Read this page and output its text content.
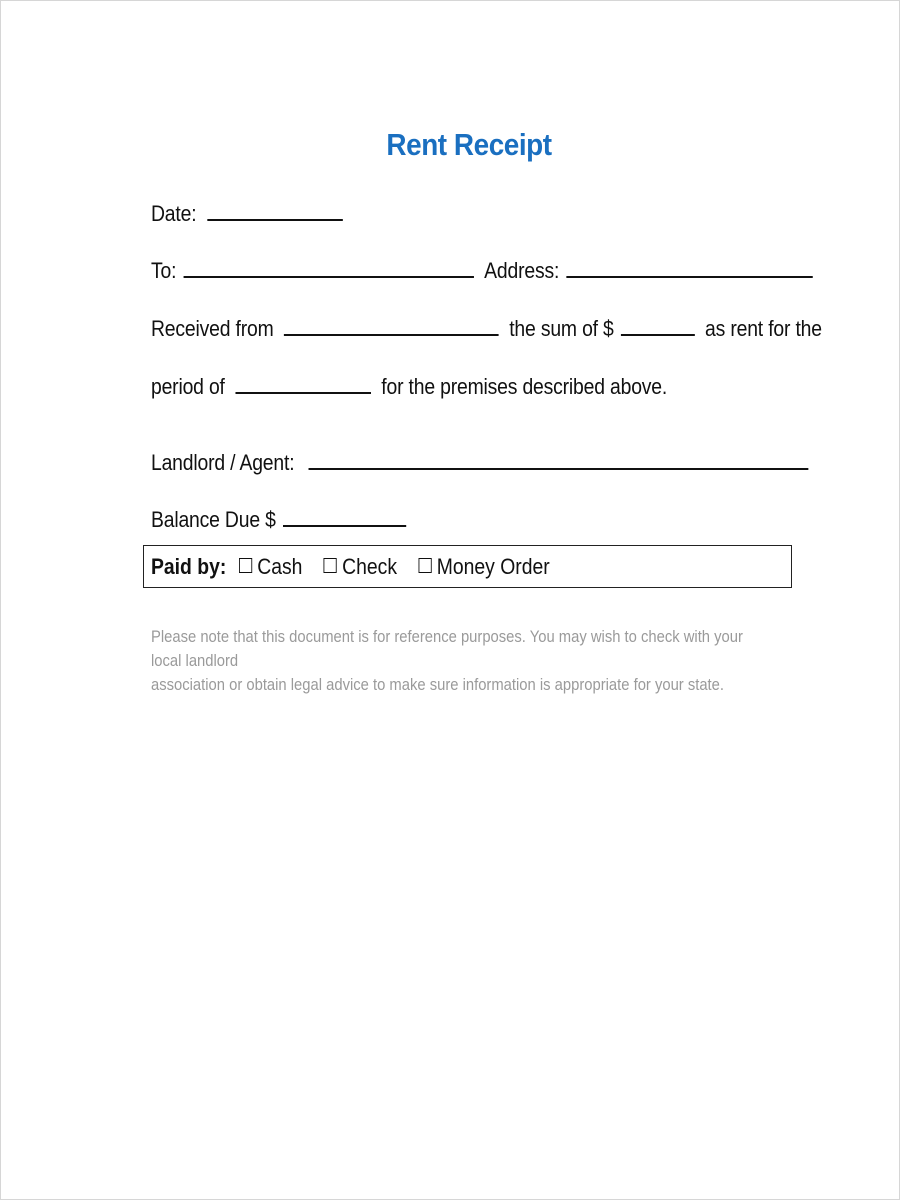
Rent Receipt
Date:
To:	Address:
Received from	the sum of $	as rent for the
period of	for the premises described above.
Landlord / Agent:
Balance Due $
Paid by: Cash Check Money Order
Please note that this document is for reference purposes. You may wish to check with your local landlord
association or obtain legal advice to make sure information is appropriate for your state.
